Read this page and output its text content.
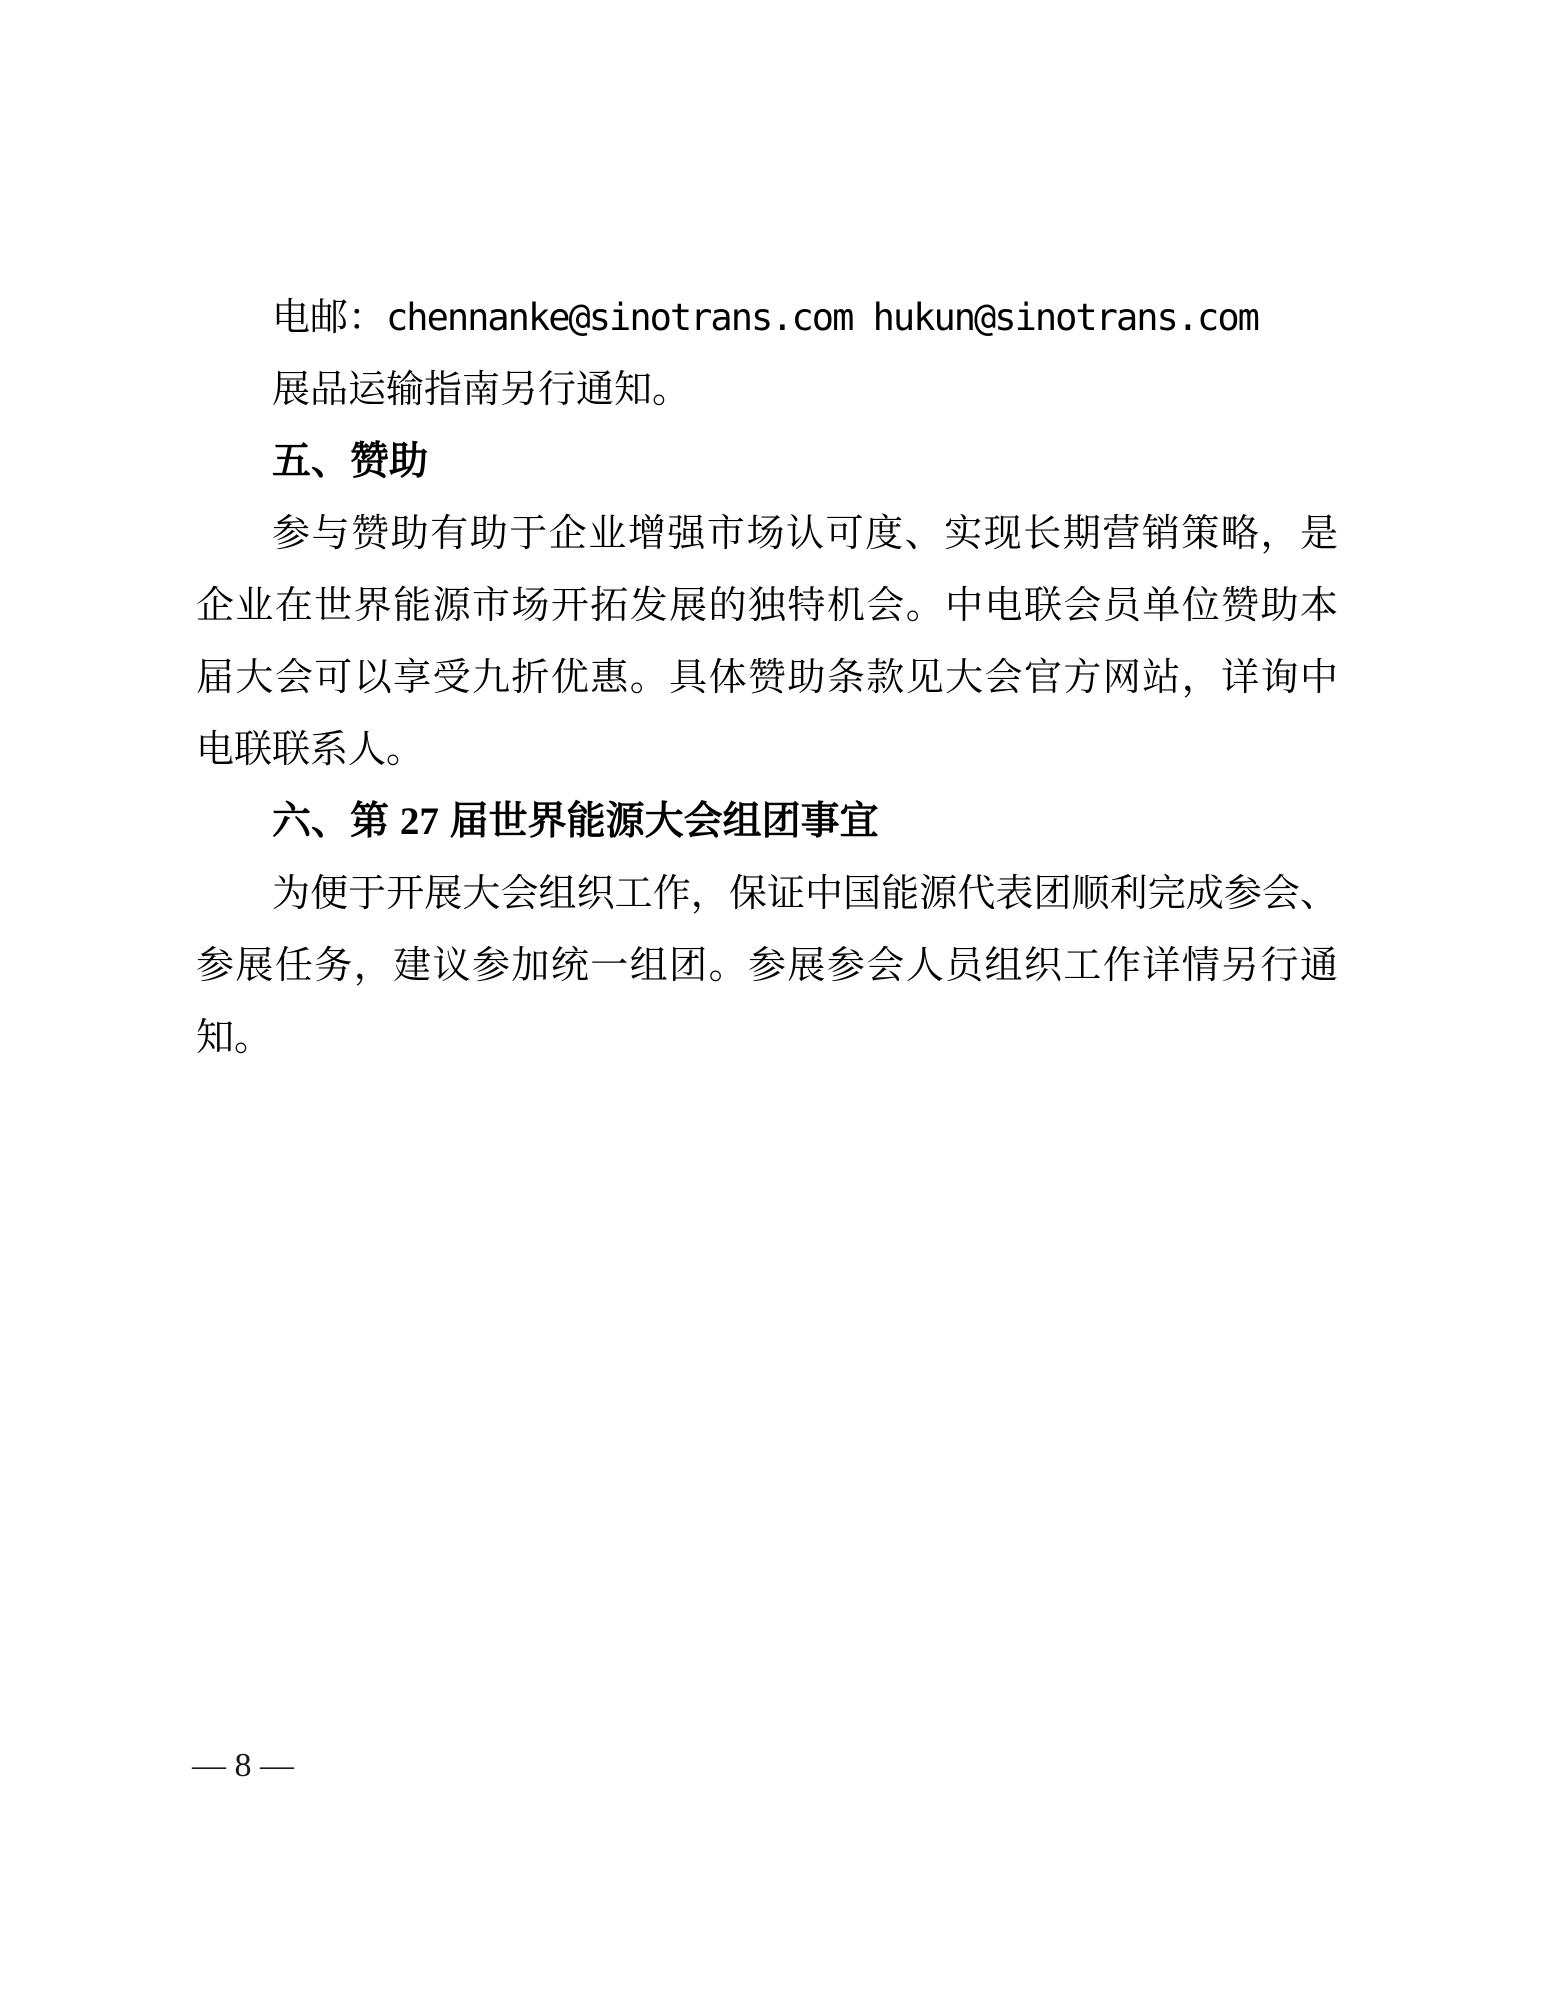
电邮：chennanke@sinotrans.com hukun@sinotrans.com
展品运输指南另行通知。
五、赞助
参与赞助有助于企业增强市场认可度、实现长期营销策略，是
企业在世界能源市场开拓发展的独特机会。中电联会员单位赞助本
届大会可以享受九折优惠。具体赞助条款见大会官方网站，详询中
电联联系人。
六、第 27 届世界能源大会组团事宜
为便于开展大会组织工作，保证中国能源代表团顺利完成参会、
参展任务，建议参加统一组团。参展参会人员组织工作详情另行通
知。
— 8 —
